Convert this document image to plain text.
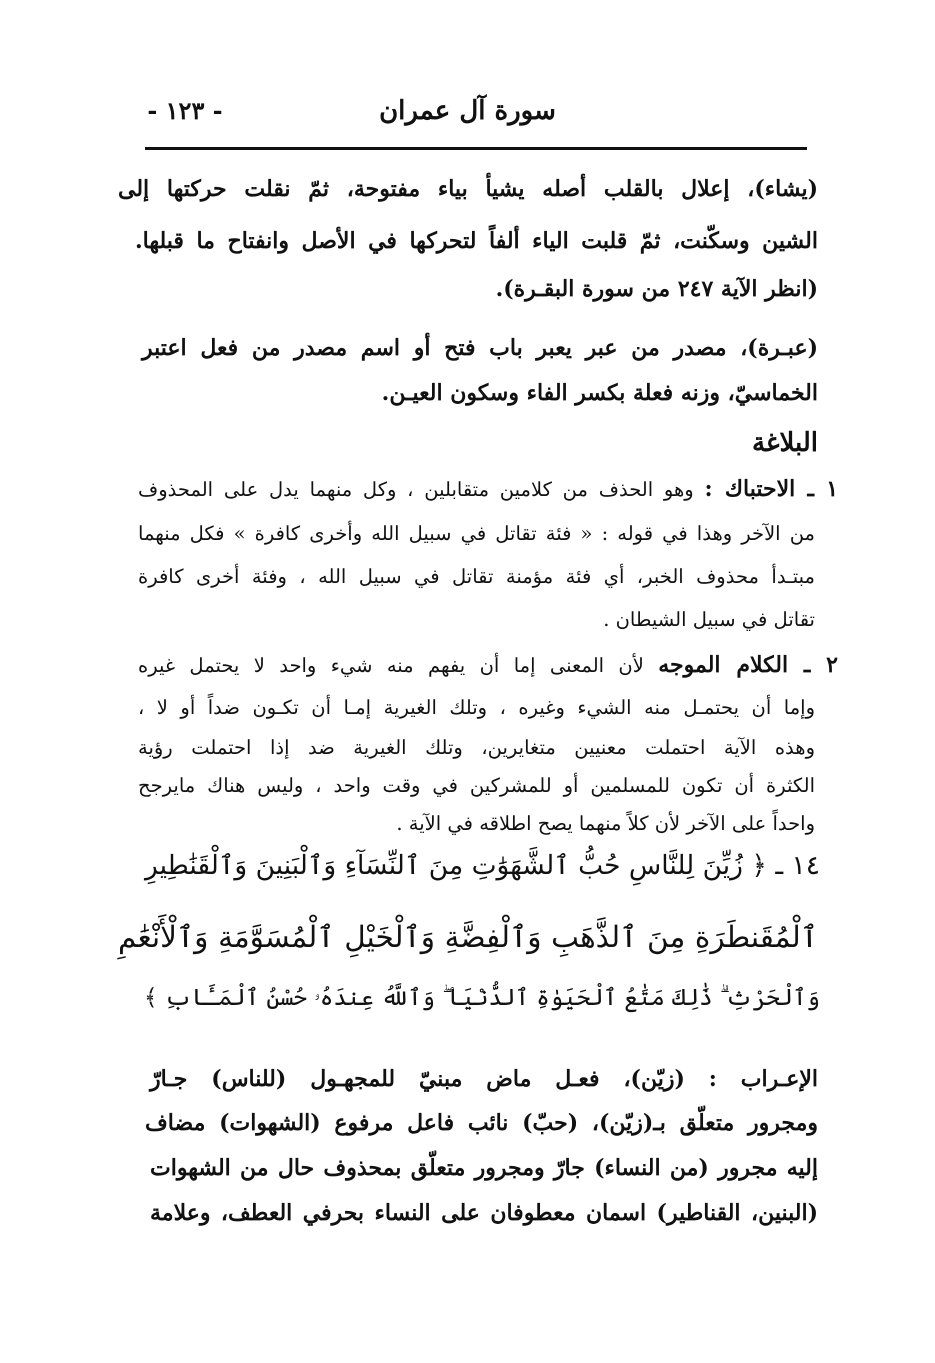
سورة آل عمران
- ١٢٣ -
(يشاء)، إعلال بالقلب أصله يشيأ بياء مفتوحة، ثمّ نقلت حركتها إلى
الشين وسكّنت، ثمّ قلبت الياء ألفاً لتحركها في الأصل وانفتاح ما قبلها.
(انظر الآية ٢٤٧ من سورة البقـرة).
(عبـرة)، مصدر من عبر يعبر باب فتح أو اسم مصدر من فعل اعتبر
الخماسيّ، وزنه فعلة بكسر الفاء وسكون العيـن.
البلاغة
١ ـ الاحتباك : وهو الحذف من كلامين متقابلين ، وكل منهما يدل على المحذوف
من الآخر وهذا في قوله : « فئة تقاتل في سبيل الله وأخرى كافرة » فكل منهما
مبتـدأ محذوف الخبر، أي فئة مؤمنة تقاتل في سبيل الله ، وفئة أخرى كافرة
تقاتل في سبيل الشيطان .
٢ ـ الكلام الموجه لأن المعنى إما أن يفهم منه شيء واحد لا يحتمل غيره
وإما أن يحتمـل منه الشيء وغيره ، وتلك الغيرية إمـا أن تكـون ضداً أو لا ،
وهذه الآية احتملت معنيين متغايرين، وتلك الغيرية ضد إذا احتملت رؤية
الكثرة أن تكون للمسلمين أو للمشركين في وقت واحد ، وليس هناك مايرجح
واحداً على الآخر لأن كلاً منهما يصح اطلاقه في الآية .
١٤ ـ ﴿ زُيِّنَ لِلنَّاسِ حُبُّ ٱلشَّهَوَٰتِ مِنَ ٱلنِّسَآءِ وَٱلْبَنِينَ وَٱلْقَنَٰطِيرِ
ٱلْمُقَنطَرَةِ مِنَ ٱلذَّهَبِ وَٱلْفِضَّةِ وَٱلْخَيْلِ ٱلْمُسَوَّمَةِ وَٱلْأَنْعَٰمِ
وَٱلْحَرْثِ ۗ ذَٰلِكَ مَتَٰعُ ٱلْحَيَوٰةِ ٱلدُّنْيَا ۖ وَٱللَّهُ عِندَهُۥ حُسْنُ ٱلْمَـَٔابِ ﴾
الإعـراب : (زيّن)، فعـل ماض مبنيّ للمجهـول (للناس) جـارّ
ومجرور متعلّق بـ(زيّن)، (حبّ) نائب فاعل مرفوع (الشهوات) مضاف
إليه مجرور (من النساء) جارّ ومجرور متعلّق بمحذوف حال من الشهوات
(البنين، القناطير) اسمان معطوفان على النساء بحرفي العطف، وعلامة
